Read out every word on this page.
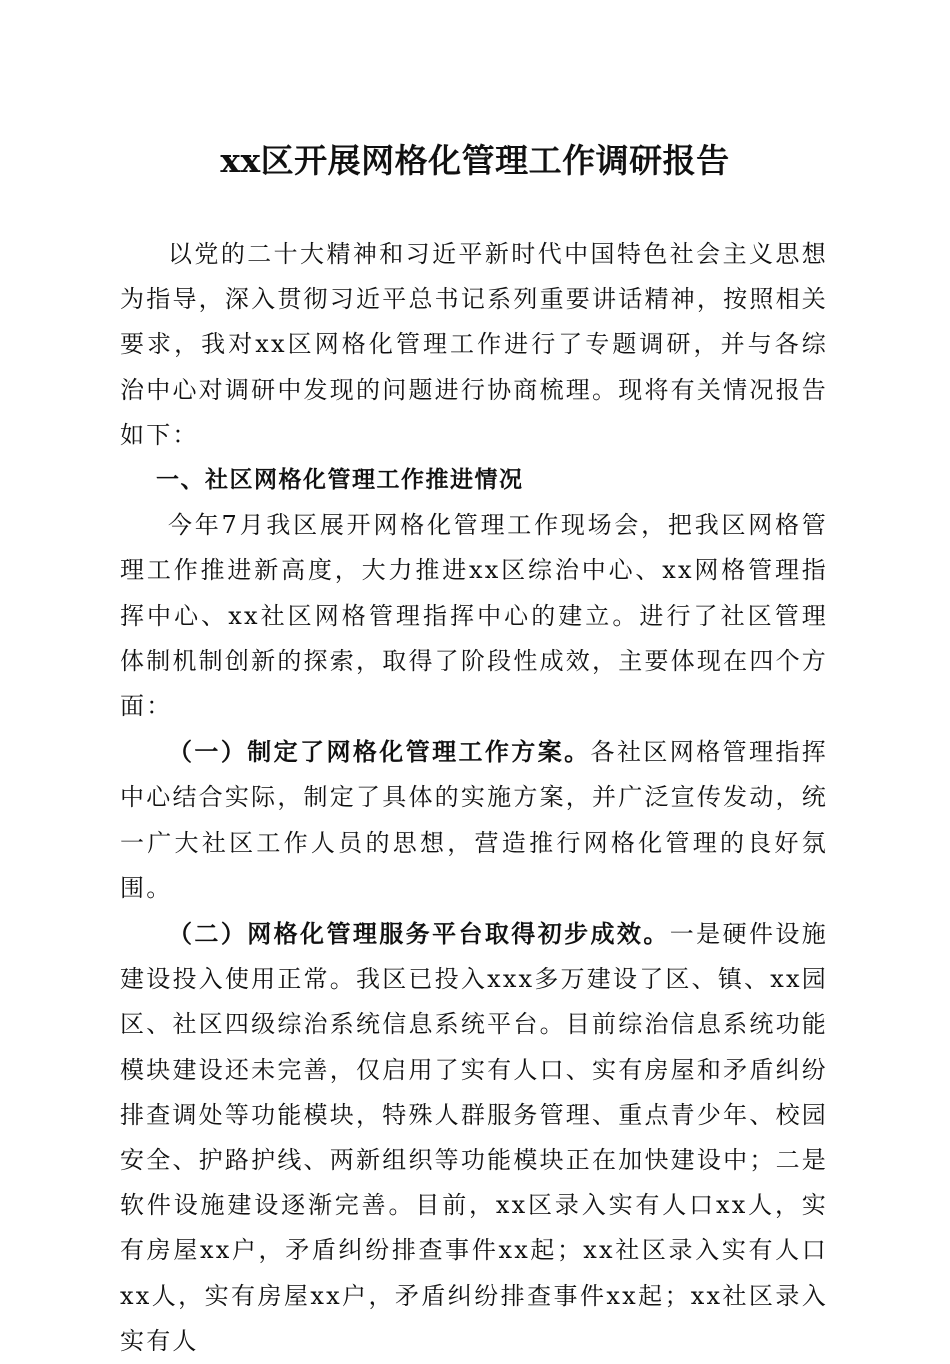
xx区开展网格化管理工作调研报告

以党的二十大精神和习近平新时代中国特色社会主义思想为指导，深入贯彻习近平总书记系列重要讲话精神，按照相关要求，我对xx区网格化管理工作进行了专题调研，并与各综治中心对调研中发现的问题进行协商梳理。现将有关情况报告如下：

一、社区网格化管理工作推进情况

今年7月我区展开网格化管理工作现场会，把我区网格管理工作推进新高度，大力推进xx区综治中心、xx网格管理指挥中心、xx社区网格管理指挥中心的建立。进行了社区管理体制机制创新的探索，取得了阶段性成效，主要体现在四个方面：

（一）制定了网格化管理工作方案。各社区网格管理指挥中心结合实际，制定了具体的实施方案，并广泛宣传发动，统一广大社区工作人员的思想，营造推行网格化管理的良好氛围。

（二）网格化管理服务平台取得初步成效。一是硬件设施建设投入使用正常。我区已投入xxx多万建设了区、镇、xx园区、社区四级综治系统信息系统平台。目前综治信息系统功能模块建设还未完善，仅启用了实有人口、实有房屋和矛盾纠纷排查调处等功能模块，特殊人群服务管理、重点青少年、校园安全、护路护线、两新组织等功能模块正在加快建设中；二是软件设施建设逐渐完善。目前，xx区录入实有人口xx人，实有房屋xx户，矛盾纠纷排查事件xx起；xx社区录入实有人口xx人，实有房屋xx户，矛盾纠纷排查事件xx起；xx社区录入实有人
